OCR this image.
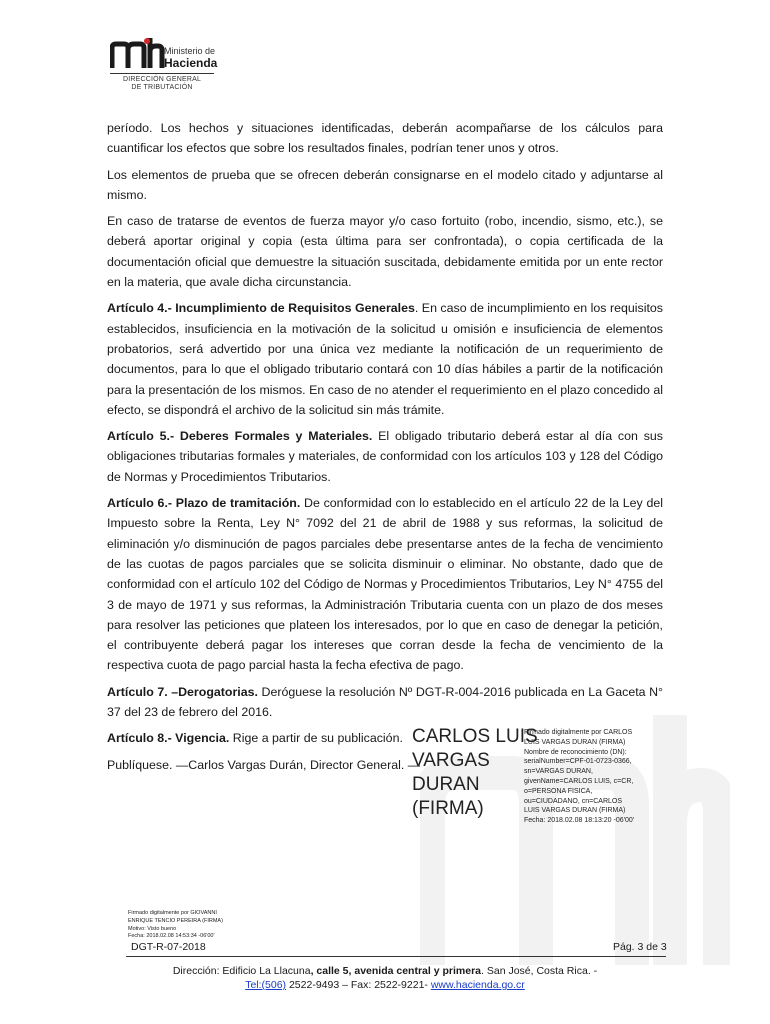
Ministerio de
Hacienda
DIRECCIÓN GENERAL
DE TRIBUTACIÓN

período. Los hechos y situaciones identificadas, deberán acompañarse de los cálculos para cuantificar los efectos que sobre los resultados finales, podrían tener unos y otros.

Los elementos de prueba que se ofrecen deberán consignarse en el modelo citado y adjuntarse al mismo.

En caso de tratarse de eventos de fuerza mayor y/o caso fortuito (robo, incendio, sismo, etc.), se deberá aportar original y copia (esta última para ser confrontada), o copia certificada de la documentación oficial que demuestre la situación suscitada, debidamente emitida por un ente rector en la materia, que avale dicha circunstancia.

Artículo 4.- Incumplimiento de Requisitos Generales. En caso de incumplimiento en los requisitos establecidos, insuficiencia en la motivación de la solicitud u omisión e insuficiencia de elementos probatorios, será advertido por una única vez mediante la notificación de un requerimiento de documentos, para lo que el obligado tributario contará con 10 días hábiles a partir de la notificación para la presentación de los mismos. En caso de no atender el requerimiento en el plazo concedido al efecto, se dispondrá el archivo de la solicitud sin más trámite.

Artículo 5.- Deberes Formales y Materiales. El obligado tributario deberá estar al día con sus obligaciones tributarias formales y materiales, de conformidad con los artículos 103 y 128 del Código de Normas y Procedimientos Tributarios.

Artículo 6.- Plazo de tramitación. De conformidad con lo establecido en el artículo 22 de la Ley del Impuesto sobre la Renta, Ley N° 7092 del 21 de abril de 1988 y sus reformas, la solicitud de eliminación y/o disminución de pagos parciales debe presentarse antes de la fecha de vencimiento de las cuotas de pagos parciales que se solicita disminuir o eliminar. No obstante, dado que de conformidad con el artículo 102 del Código de Normas y Procedimientos Tributarios, Ley N° 4755 del 3 de mayo de 1971 y sus reformas, la Administración Tributaria cuenta con un plazo de dos meses para resolver las peticiones que plateen los interesados, por lo que en caso de denegar la petición, el contribuyente deberá pagar los intereses que corran desde la fecha de vencimiento de la respectiva cuota de pago parcial hasta la fecha efectiva de pago.

Artículo 7. –Derogatorias. Deróguese la resolución Nº DGT-R-004-2016 publicada en La Gaceta N° 37 del 23 de febrero del 2016.

Artículo 8.- Vigencia. Rige a partir de su publicación.

Publíquese. —Carlos Vargas Durán, Director General. —

CARLOS LUIS
VARGAS
DURAN
(FIRMA)
Firmado digitalmente por CARLOS
LUIS VARGAS DURAN (FIRMA)
Nombre de reconocimiento (DN):
serialNumber=CPF-01-0723-0366,
sn=VARGAS DURAN,
givenName=CARLOS LUIS, c=CR,
o=PERSONA FISICA,
ou=CIUDADANO, cn=CARLOS
LUIS VARGAS DURAN (FIRMA)
Fecha: 2018.02.08 18:13:20 -06'00'
Firmado digitalmente por GIOVANNI
ENRIQUE TENCIO PEREIRA (FIRMA)
Motivo: Visto bueno
Fecha: 2018.02.08 14:53:34 -06'00'
DGT-R-07-2018	Pág. 3 de 3
Dirección: Edificio La Llacuna, calle 5, avenida central y primera. San José, Costa Rica. -
Tel:(506) 2522-9493 – Fax: 2522-9221- www.hacienda.go.cr
